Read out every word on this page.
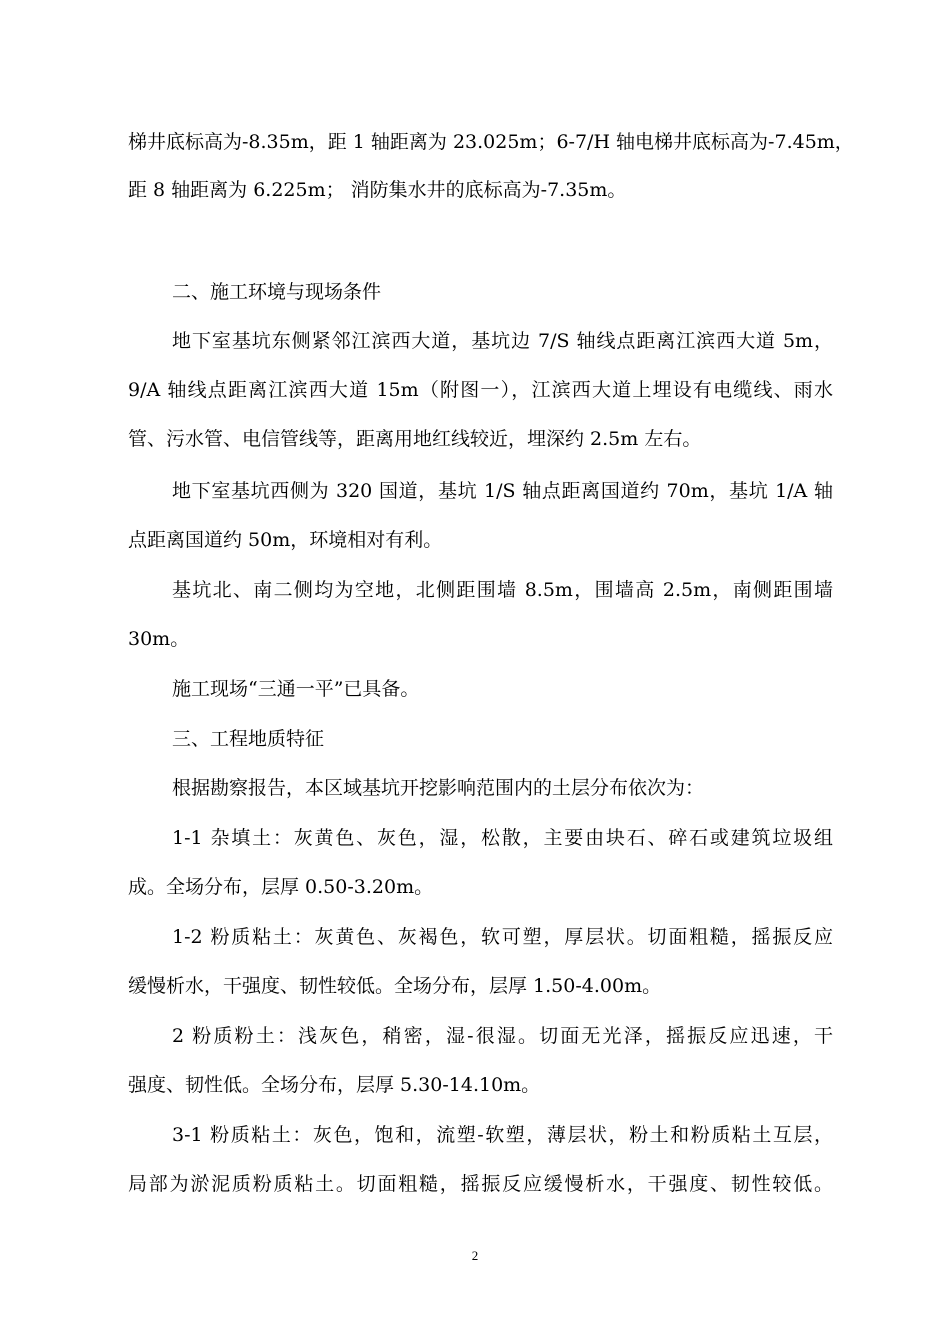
梯井底标高为-8.35m，距 1 轴距离为 23.025m；6-7/H 轴电梯井底标高为-7.45m，
距 8 轴距离为 6.225m； 消防集水井的底标高为-7.35m。
二、施工环境与现场条件
地下室基坑东侧紧邻江滨西大道，基坑边 7/S 轴线点距离江滨西大道 5m，
9/A 轴线点距离江滨西大道 15m（附图一），江滨西大道上埋设有电缆线、雨水
管、污水管、电信管线等，距离用地红线较近，埋深约 2.5m 左右。
地下室基坑西侧为 320 国道，基坑 1/S 轴点距离国道约 70m，基坑 1/A 轴
点距离国道约 50m，环境相对有利。
基坑北、南二侧均为空地，北侧距围墙 8.5m，围墙高 2.5m，南侧距围墙
30m。
施工现场“三通一平”已具备。
三、工程地质特征
根据勘察报告，本区域基坑开挖影响范围内的土层分布依次为：
1-1 杂填土：灰黄色、灰色，湿，松散，主要由块石、碎石或建筑垃圾组
成。全场分布，层厚 0.50-3.20m。
1-2 粉质粘土：灰黄色、灰褐色，软可塑，厚层状。切面粗糙，摇振反应
缓慢析水，干强度、韧性较低。全场分布，层厚 1.50-4.00m。
2 粉质粉土：浅灰色，稍密，湿-很湿。切面无光泽，摇振反应迅速，干
强度、韧性低。全场分布，层厚 5.30-14.10m。
3-1 粉质粘土：灰色，饱和，流塑-软塑，薄层状，粉土和粉质粘土互层，
局部为淤泥质粉质粘土。切面粗糙，摇振反应缓慢析水，干强度、韧性较低。
2
